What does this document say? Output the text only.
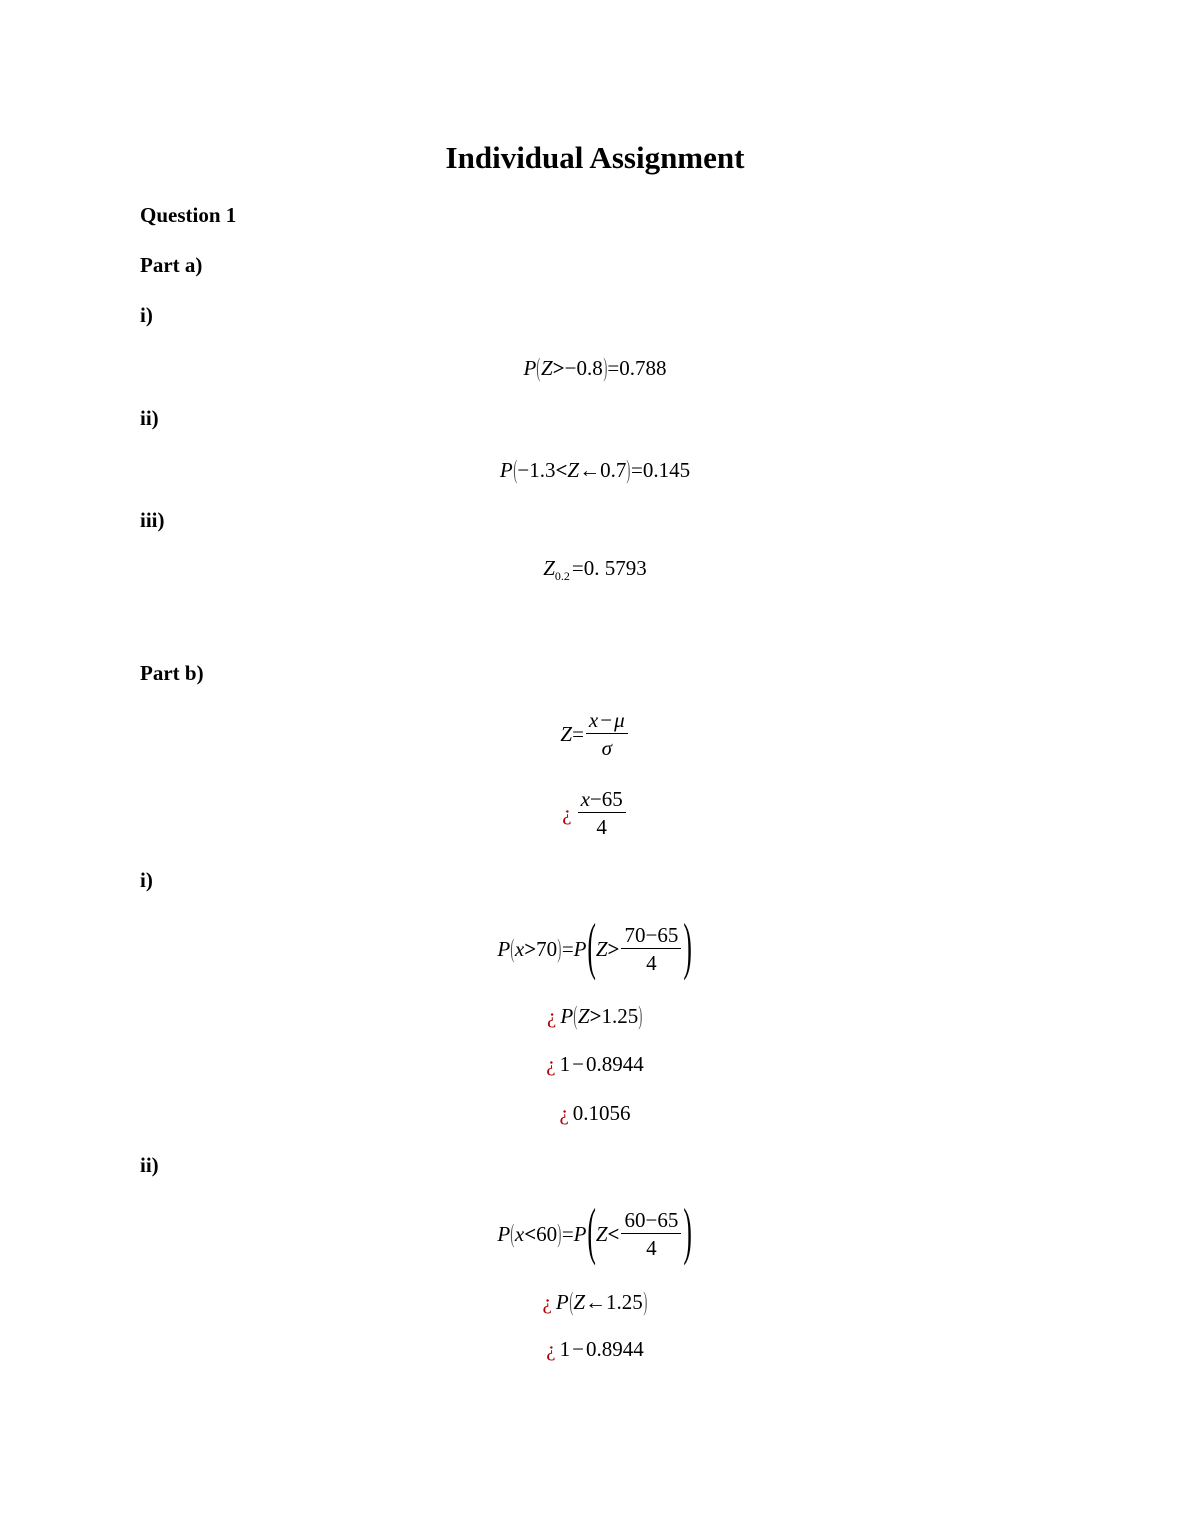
Individual Assignment
Question 1
Part a)
i)
P ( Z > −0.8 ) = 0.788
ii)
P ( −1.3 < Z ← 0.7 ) = 0.145
iii)
Z 0.2 = 0. 5793
Part b)
$Z = \frac{x - \mu}{\sigma}$
¿ $\frac{x - 65}{4}$
i)
P ( x > 70 ) = P ( $Z > \frac{70 - 65}{4}$ )
¿ P ( Z > 1.25 )
¿ 1 − 0.8944
¿ 0.1056
ii)
P ( x < 60 ) = P ( $Z < \frac{60 - 65}{4}$ )
¿ P ( Z ← 1.25 )
¿ 1 − 0.8944
